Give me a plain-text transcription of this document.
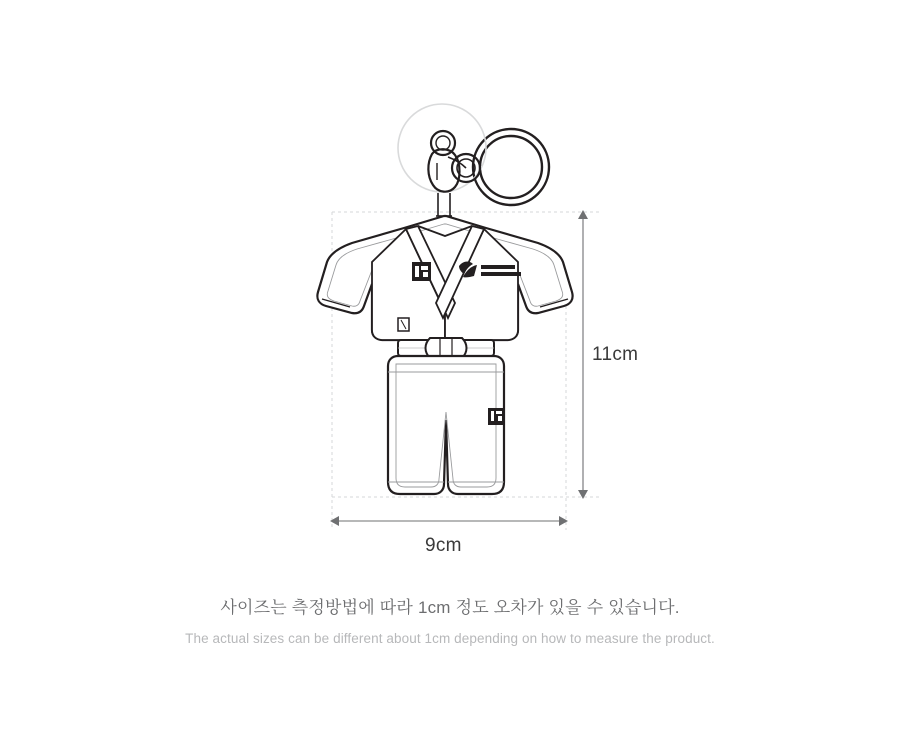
11cm
9cm
사이즈는 측정방법에 따라 1cm 정도 오차가 있을 수 있습니다.
The actual sizes can be different about 1cm depending on how to measure the product.
